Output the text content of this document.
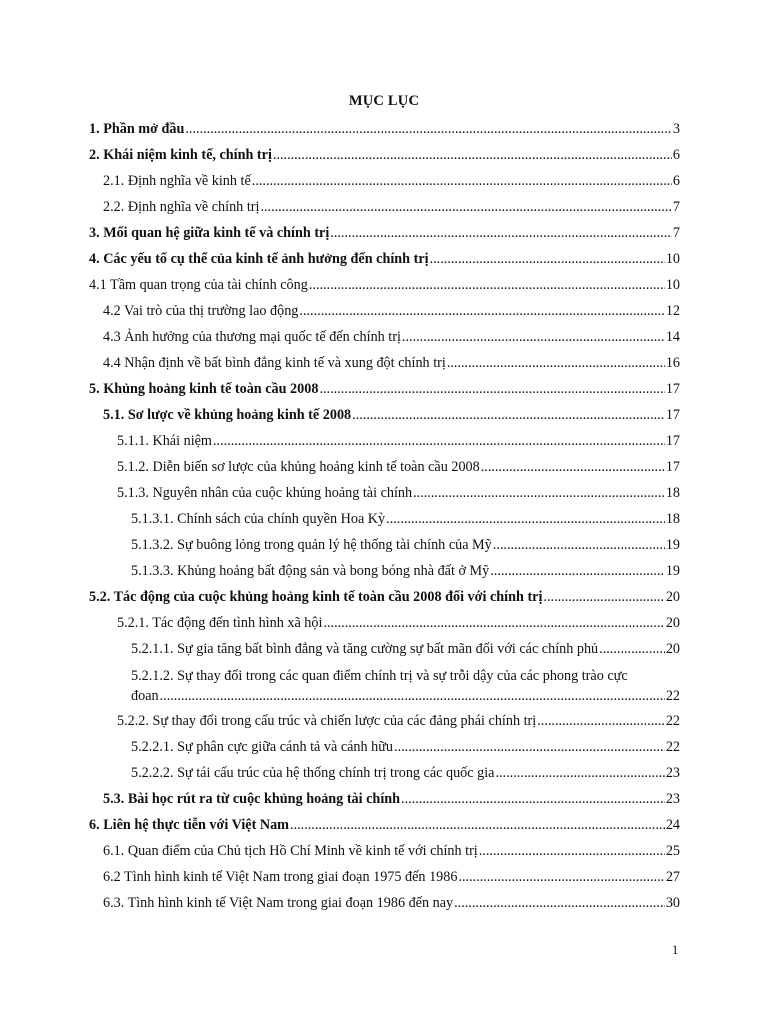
MỤC LỤC
1. Phần mở đầu .....	3
2. Khái niệm kinh tế, chính trị .....	6
2.1. Định nghĩa về kinh tế .....	6
2.2. Định nghĩa về chính trị .....	7
3. Mối quan hệ giữa kinh tế và chính trị .....	7
4. Các yếu tố cụ thể của kinh tế ảnh hưởng đến chính trị .....	10
4.1 Tầm quan trọng của tài chính công .....	10
4.2 Vai trò của thị trường lao động .....	12
4.3 Ảnh hưởng của thương mại quốc tế đến chính trị .....	14
4.4 Nhận định về bất bình đẳng kinh tế và xung đột chính trị .....	16
5. Khủng hoảng kinh tế toàn cầu 2008 .....	17
5.1. Sơ lược về khủng hoảng kinh tế 2008 .....	17
5.1.1. Khái niệm .....	17
5.1.2. Diễn biến sơ lược của khủng hoảng kinh tế toàn cầu 2008 .....	17
5.1.3. Nguyên nhân của cuộc khủng hoảng tài chính .....	18
5.1.3.1. Chính sách của chính quyền Hoa Kỳ .....	18
5.1.3.2. Sự buông lỏng trong quản lý hệ thống tài chính của Mỹ .....	19
5.1.3.3. Khủng hoảng bất động sản và bong bóng nhà đất ở Mỹ .....	19
5.2. Tác động của cuộc khủng hoảng kinh tế toàn cầu 2008 đối với chính trị .....	20
5.2.1. Tác động đến tình hình xã hội .....	20
5.2.1.1. Sự gia tăng bất bình đẳng và tăng cường sự bất mãn đối với các chính phủ .....	20
5.2.1.2. Sự thay đổi trong các quan điểm chính trị và sự trỗi dậy của các phong trào cực
đoan .....	22
5.2.2. Sự thay đổi trong cấu trúc và chiến lược của các đảng phái chính trị .....	22
5.2.2.1. Sự phân cực giữa cánh tả và cánh hữu .....	22
5.2.2.2. Sự tái cấu trúc của hệ thống chính trị trong các quốc gia .....	23
5.3. Bài học rút ra từ cuộc khủng hoảng tài chính .....	23
6. Liên hệ thực tiễn với Việt Nam .....	24
6.1. Quan điểm của Chủ tịch Hồ Chí Minh về kinh tế với chính trị .....	25
6.2 Tình hình kinh tế Việt Nam trong giai đoạn 1975 đến 1986 .....	27
6.3. Tình hình kinh tế Việt Nam trong giai đoạn 1986 đến nay .....	30
1
